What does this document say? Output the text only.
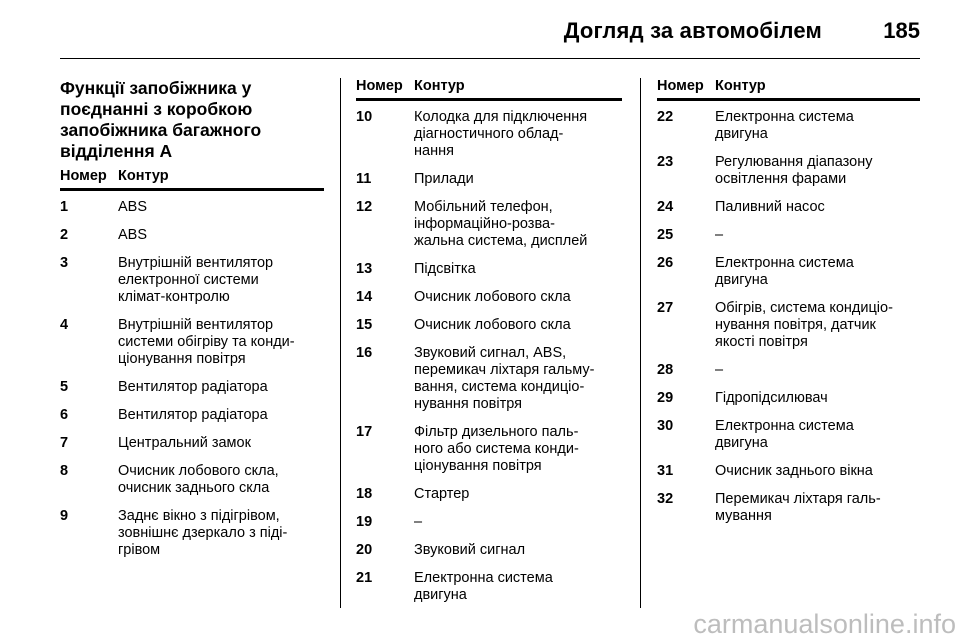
Догляд за автомобілем	185
Функції запобіжника у
поєднанні з коробкою
запобіжника багажного
відділення А
Номер Контур
1	ABS
2	ABS
3	Внутрішній вентилятор
електронної системи
клімат-контролю
4	Внутрішній вентилятор
системи обігріву та конди-
ціонування повітря
5	Вентилятор радіатора
6	Вентилятор радіатора
7	Центральний замок
8	Очисник лобового скла,
очисник заднього скла
9	Заднє вікно з підігрівом,
зовнішнє дзеркало з піді-
грівом
Номер Контур
10	Колодка для підключення
діагностичного облад-
нання
11	Прилади
12	Мобільний телефон,
інформаційно-розва-
жальна система, дисплей
13	Підсвітка
14	Очисник лобового скла
15	Очисник лобового скла
16	Звуковий сигнал, ABS,
перемикач ліхтаря гальму-
вання, система кондиціо-
нування повітря
17	Фільтр дизельного паль-
ного або система конди-
ціонування повітря
18	Стартер
19	–
20	Звуковий сигнал
21	Електронна система
двигуна
Номер Контур
22	Електронна система
двигуна
23	Регулювання діапазону
освітлення фарами
24	Паливний насос
25	–
26	Електронна система
двигуна
27	Обігрів, система кондиціо-
нування повітря, датчик
якості повітря
28	–
29	Гідропідсилювач
30	Електронна система
двигуна
31	Очисник заднього вікна
32	Перемикач ліхтаря галь-
мування
carmanualsonline.info
